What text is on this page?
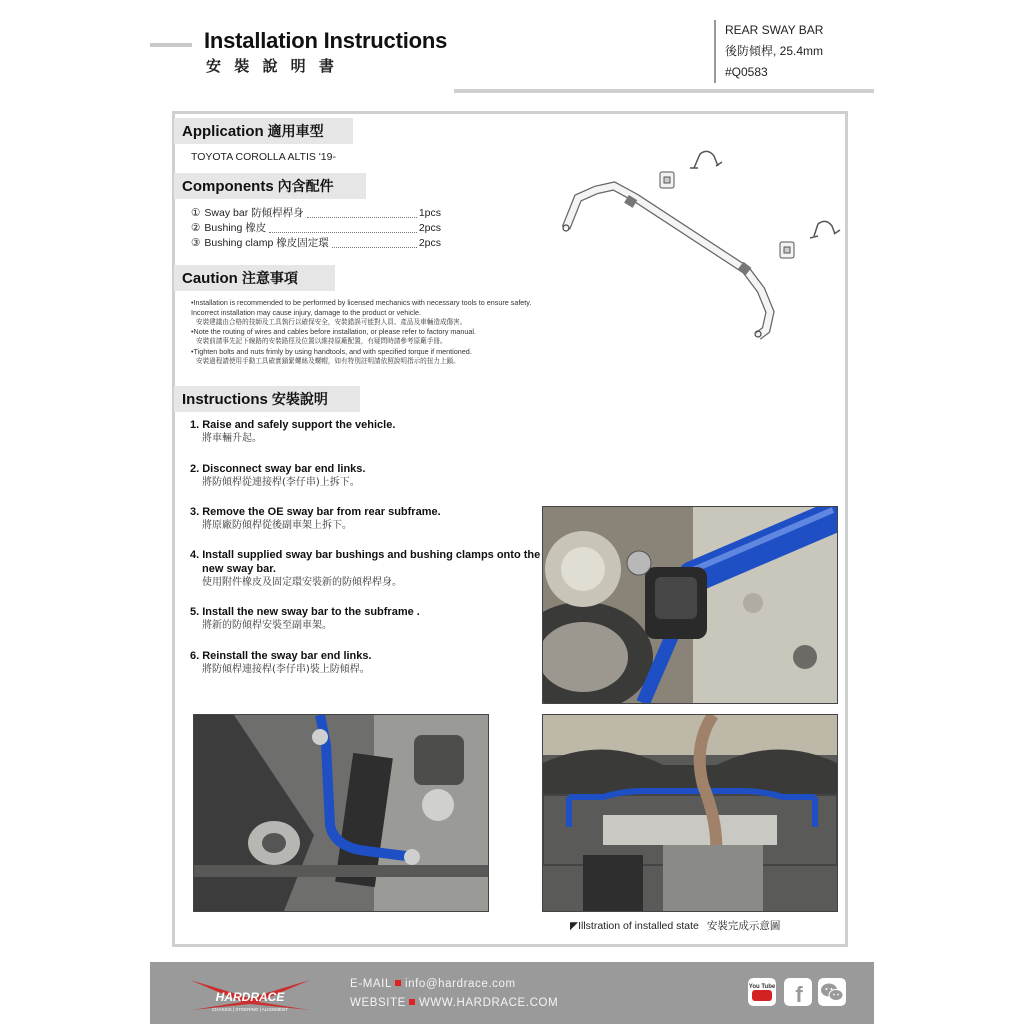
Installation Instructions
安 裝 說 明 書
REAR SWAY BAR
後防傾桿, 25.4mm
#Q0583
Application 適用車型
TOYOTA COROLLA ALTIS '19-
Components 內含配件
① Sway bar 防傾桿桿身	1pcs
② Bushing 橡皮	2pcs
③ Bushing clamp 橡皮固定環	2pcs
Caution 注意事項
•Installation is recommended to be performed by licensed mechanics with necessary tools to ensure safety. Incorrect installation may cause injury, damage to the product or vehicle.
安裝建議由合格的技師及工具執行以確保安全，安裝錯誤可能對人員、產品及車輛造成傷害。
•Note the routing of wires and cables before installation, or please refer to factory manual.
安裝前請事先記下線路的安裝路徑及位置以維持原廠配置，有疑問時請參考原廠手冊。
•Tighten bolts and nuts frimly by using handtools, and with specified torque if mentioned.
安裝過程請使用手動工具確實鎖緊螺絲及螺帽，如有特別註明請依照說明指示的扭力上鎖。
Instructions 安裝說明
1. Raise and safely support the vehicle.
將車輛升起。
2. Disconnect sway bar end links.
將防傾桿從連接桿(李仔串)上拆下。
3. Remove the OE sway bar from rear subframe.
將原廠防傾桿從後副車架上拆下。
4. Install supplied sway bar bushings and bushing clamps onto the new sway bar.
使用附件橡皮及固定環安裝新的防傾桿桿身。
5. Install the new sway bar to the subframe .
將新的防傾桿安裝至副車架。
6. Reinstall the sway bar end links.
將防傾桿連接桿(李仔串)裝上防傾桿。
◤Illstration of installed state 安裝完成示意圖
HARDRACE
CHASSIS | STEERING | ALIGNMENT
E-MAIL info@hardrace.com
WEBSITE WWW.HARDRACE.COM
You Tube f
